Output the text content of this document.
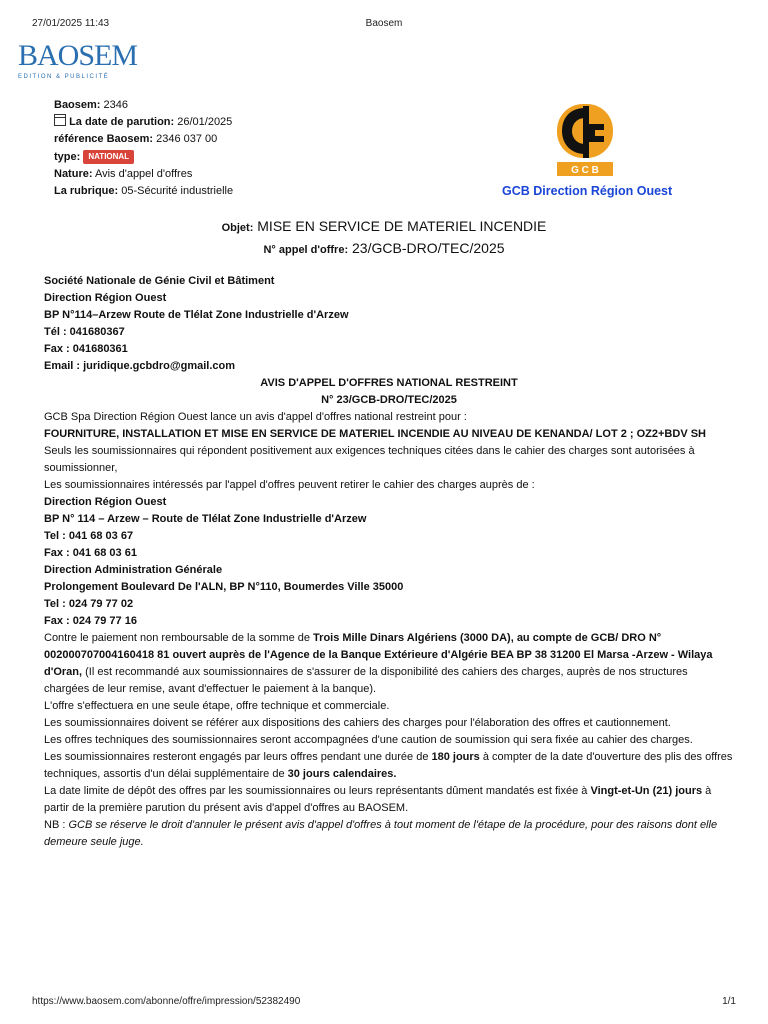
27/01/2025 11:43	Baosem
BAOSEM
EDITION & PUBLICITÉ
Baosem: 2346
La date de parution: 26/01/2025
référence Baosem: 2346 037 00
type: NATIONAL
Nature: Avis d'appel d'offres
La rubrique: 05-Sécurité industrielle
G C B
GCB Direction Région Ouest
Objet: MISE EN SERVICE DE MATERIEL INCENDIE
N° appel d'offre: 23/GCB-DRO/TEC/2025

Société Nationale de Génie Civil et Bâtiment

Direction Région Ouest

BP N°114–Arzew Route de Tlélat Zone Industrielle d'Arzew

Tél : 041680367

Fax : 041680361

Email : juridique.gcbdro@gmail.com

AVIS D'APPEL D'OFFRES NATIONAL RESTREINT

N° 23/GCB-DRO/TEC/2025

GCB Spa Direction Région Ouest lance un avis d'appel d'offres national restreint pour :

FOURNITURE, INSTALLATION ET MISE EN SERVICE DE MATERIEL INCENDIE AU NIVEAU DE KENANDA/ LOT 2 ; OZ2+BDV SH

Seuls les soumissionnaires qui répondent positivement aux exigences techniques citées dans le cahier des charges sont autorisées à soumissionner,

Les soumissionnaires intéressés par l'appel d'offres peuvent retirer le cahier des charges auprès de :

Direction Région Ouest

BP N° 114 – Arzew – Route de Tlélat Zone Industrielle d'Arzew

Tel : 041 68 03 67

Fax : 041 68 03 61

Direction Administration Générale

Prolongement Boulevard De l'ALN, BP N°110, Boumerdes Ville 35000

Tel : 024 79 77 02

Fax : 024 79 77 16

Contre le paiement non remboursable de la somme de Trois Mille Dinars Algériens (3000 DA), au compte de GCB/ DRO N° 002000707004160418 81 ouvert auprès de l'Agence de la Banque Extérieure d'Algérie BEA BP 38 31200 El Marsa -Arzew - Wilaya d'Oran, (Il est recommandé aux soumissionnaires de s'assurer de la disponibilité des cahiers des charges, auprès de nos structures chargées de leur remise, avant d'effectuer le paiement à la banque).

L'offre s'effectuera en une seule étape, offre technique et commerciale.

Les soumissionnaires doivent se référer aux dispositions des cahiers des charges pour l'élaboration des offres et cautionnement.

Les offres techniques des soumissionnaires seront accompagnées d'une caution de soumission qui sera fixée au cahier des charges.

Les soumissionnaires resteront engagés par leurs offres pendant une durée de 180 jours à compter de la date d'ouverture des plis des offres techniques, assortis d'un délai supplémentaire de 30 jours calendaires.

La date limite de dépôt des offres par les soumissionnaires ou leurs représentants dûment mandatés est fixée à Vingt-et-Un (21) jours à partir de la première parution du présent avis d'appel d'offres au BAOSEM.

NB : GCB se réserve le droit d'annuler le présent avis d'appel d'offres à tout moment de l'étape de la procédure, pour des raisons dont elle demeure seule juge.

https://www.baosem.com/abonne/offre/impression/52382490	1/1
